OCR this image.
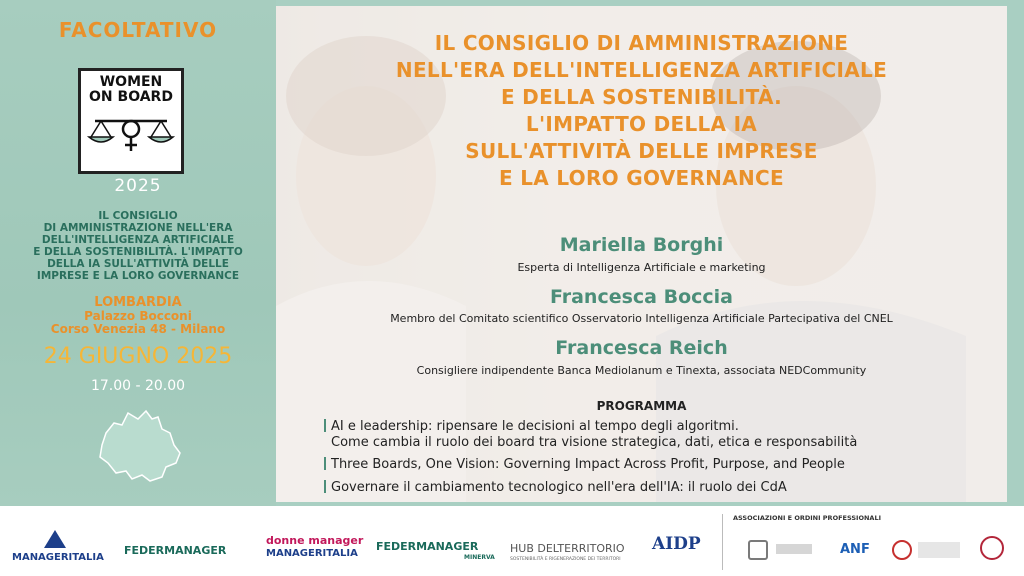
FACOLTATIVO
WOMEN
ON BOARD
2025
IL CONSIGLIO
DI AMMINISTRAZIONE NELL'ERA
DELL'INTELLIGENZA ARTIFICIALE
E DELLA SOSTENIBILITÀ. L'IMPATTO
DELLA IA SULL'ATTIVITÀ DELLE
IMPRESE E LA LORO GOVERNANCE
LOMBARDIA
Palazzo Bocconi
Corso Venezia 48 - Milano
24 GIUGNO 2025
17.00 - 20.00
IL CONSIGLIO DI AMMINISTRAZIONE
NELL'ERA DELL'INTELLIGENZA ARTIFICIALE
E DELLA SOSTENIBILITÀ.
L'IMPATTO DELLA IA
SULL'ATTIVITÀ DELLE IMPRESE
E LA LORO GOVERNANCE
Mariella Borghi
Esperta di Intelligenza Artificiale e marketing
Francesca Boccia
Membro del Comitato scientifico Osservatorio Intelligenza Artificiale Partecipativa del CNEL
Francesca Reich
Consigliere indipendente Banca Mediolanum e Tinexta, associata NEDCommunity
PROGRAMMA
AI e leadership: ripensare le decisioni al tempo degli algoritmi.
Come cambia il ruolo dei board tra visione strategica, dati, etica e responsabilità
Three Boards, One Vision: Governing Impact Across Profit, Purpose, and People
Governare il cambiamento tecnologico nell'era dell'IA: il ruolo dei CdA
MANAGERITALIA
FEDERMANAGER
donne manager
MANAGERITALIA
FEDERMANAGER
MINERVA
HUB DELTERRITORIO
SOSTENIBILITÀ E RIGENERAZIONE DEI TERRITORI
AIDP	ANF
ASSOCIAZIONI E ORDINI PROFESSIONALI
